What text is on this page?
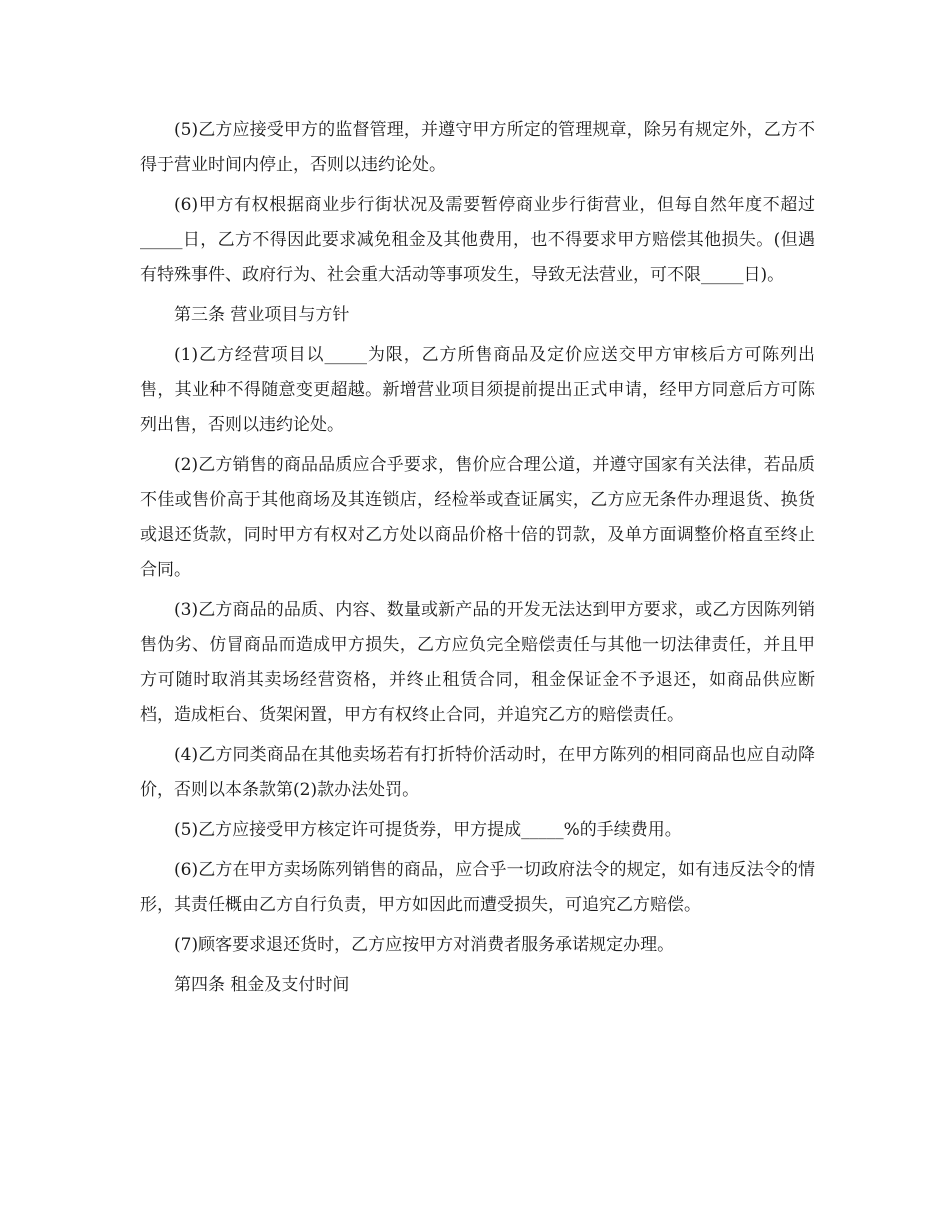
(5)乙方应接受甲方的监督管理，并遵守甲方所定的管理规章，除另有规定外，乙方不得于营业时间内停止，否则以违约论处。

(6)甲方有权根据商业步行街状况及需要暂停商业步行街营业，但每自然年度不超过_____日，乙方不得因此要求减免租金及其他费用，也不得要求甲方赔偿其他损失。(但遇有特殊事件、政府行为、社会重大活动等事项发生，导致无法营业，可不限_____日)。

第三条 营业项目与方针

(1)乙方经营项目以_____为限，乙方所售商品及定价应送交甲方审核后方可陈列出售，其业种不得随意变更超越。新增营业项目须提前提出正式申请，经甲方同意后方可陈列出售，否则以违约论处。

(2)乙方销售的商品品质应合乎要求，售价应合理公道，并遵守国家有关法律，若品质不佳或售价高于其他商场及其连锁店，经检举或查证属实，乙方应无条件办理退货、换货或退还货款，同时甲方有权对乙方处以商品价格十倍的罚款，及单方面调整价格直至终止合同。

(3)乙方商品的品质、内容、数量或新产品的开发无法达到甲方要求，或乙方因陈列销售伪劣、仿冒商品而造成甲方损失，乙方应负完全赔偿责任与其他一切法律责任，并且甲方可随时取消其卖场经营资格，并终止租赁合同，租金保证金不予退还，如商品供应断档，造成柜台、货架闲置，甲方有权终止合同，并追究乙方的赔偿责任。

(4)乙方同类商品在其他卖场若有打折特价活动时，在甲方陈列的相同商品也应自动降价，否则以本条款第(2)款办法处罚。

(5)乙方应接受甲方核定许可提货券，甲方提成_____%的手续费用。

(6)乙方在甲方卖场陈列销售的商品，应合乎一切政府法令的规定，如有违反法令的情形，其责任概由乙方自行负责，甲方如因此而遭受损失，可追究乙方赔偿。

(7)顾客要求退还货时，乙方应按甲方对消费者服务承诺规定办理。

第四条 租金及支付时间
